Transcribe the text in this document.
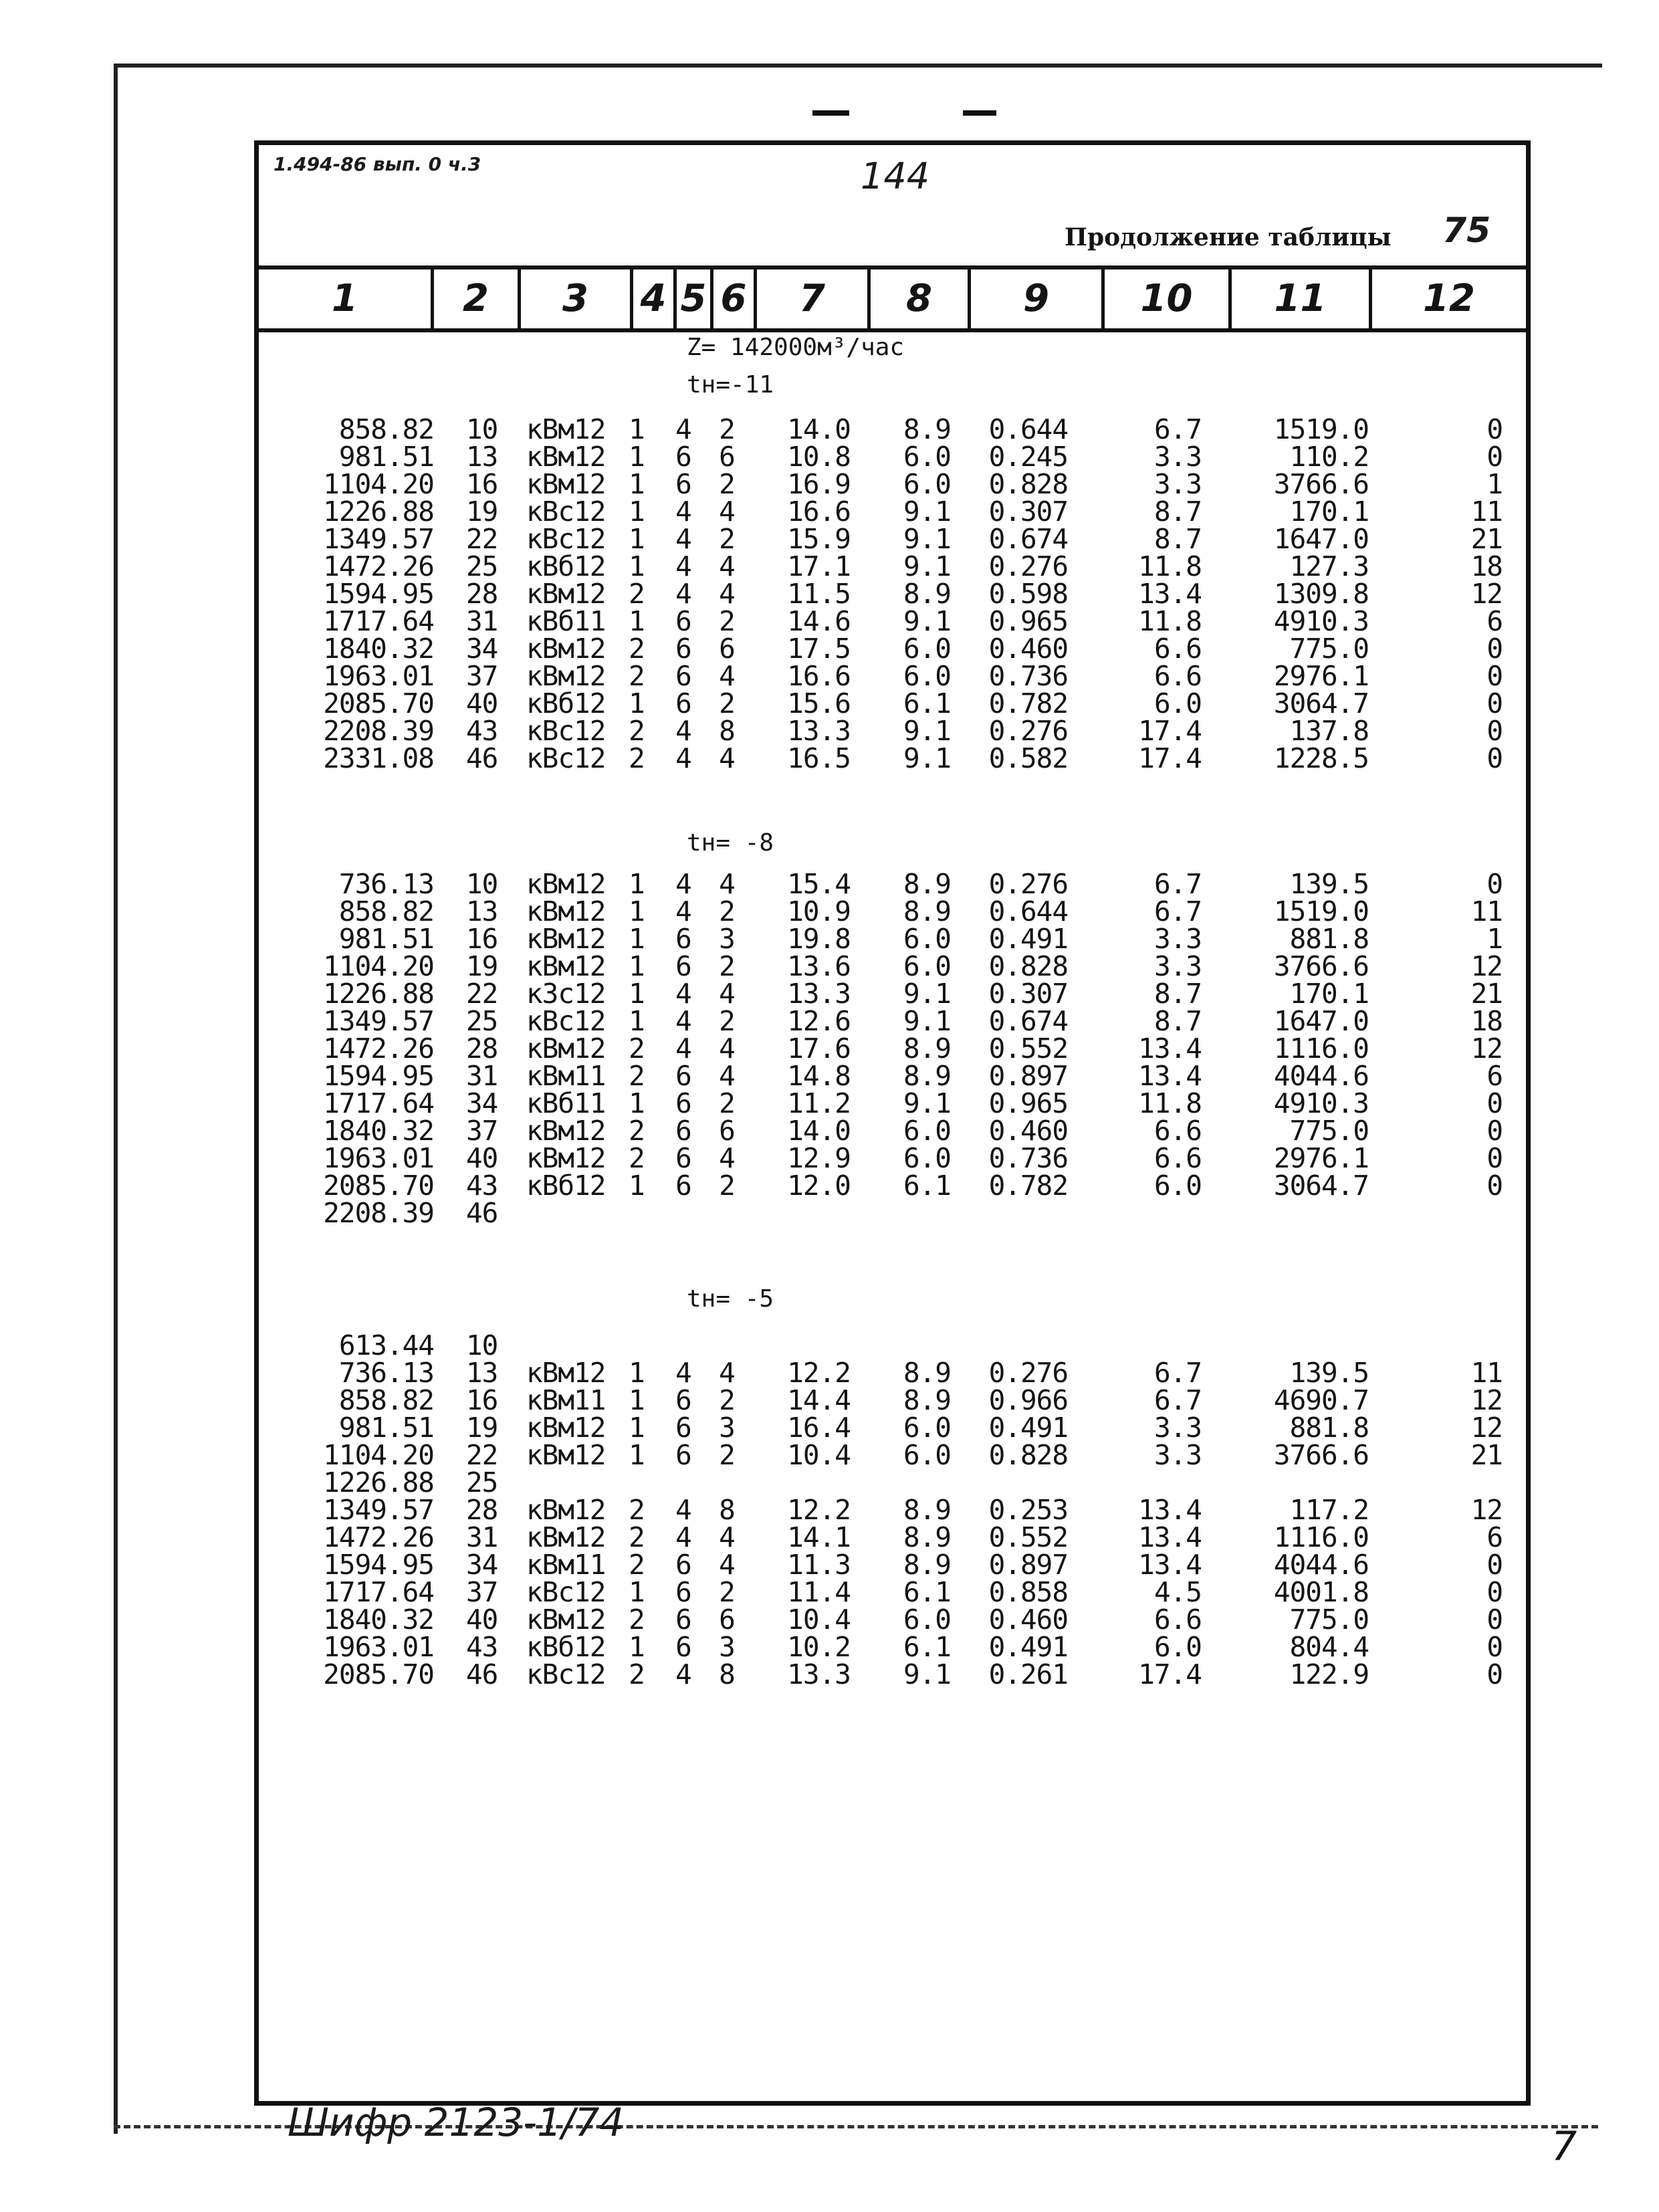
7
1.494-86 вып. 0 ч.3	144
Продолжение таблицы 75
1	2	3	4 5 6	7	8	9	10	11	12
Z= 142000м³/час
tн=-11
858.82 10	кВм12 1 4 2	14.0	8.9	0.644	6.7	1519.0	0
981.51 13	кВм12 1 6 6	10.8	6.0	0.245	3.3	110.2	0
1104.20 16	кВм12 1 6 2	16.9	6.0	0.828	3.3	3766.6	1
1226.88 19	кВс12 1 4 4	16.6	9.1	0.307	8.7	170.1	11
1349.57 22	кВс12 1 4 2	15.9	9.1	0.674	8.7	1647.0	21
1472.26 25	кВб12 1 4 4	17.1	9.1	0.276	11.8	127.3	18
1594.95 28	кВм12 2 4 4	11.5	8.9	0.598	13.4	1309.8	12
1717.64 31	кВб11 1 6 2	14.6	9.1	0.965	11.8	4910.3	6
1840.32 34	кВм12 2 6 6	17.5	6.0	0.460	6.6	775.0	0
1963.01 37	кВм12 2 6 4	16.6	6.0	0.736	6.6	2976.1	0
2085.70 40	кВб12 1 6 2	15.6	6.1	0.782	6.0	3064.7	0
2208.39 43	кВс12 2 4 8	13.3	9.1	0.276	17.4	137.8	0
2331.08 46	кВс12 2 4 4	16.5	9.1	0.582	17.4	1228.5	0
tн= -8
736.13 10	кВм12 1 4 4	15.4	8.9	0.276	6.7	139.5	0
858.82 13	кВм12 1 4 2	10.9	8.9	0.644	6.7	1519.0	11
981.51 16	кВм12 1 6 3	19.8	6.0	0.491	3.3	881.8	1
1104.20 19	кВм12 1 6 2	13.6	6.0	0.828	3.3	3766.6	12
1226.88 22	кЗс12 1 4 4	13.3	9.1	0.307	8.7	170.1	21
1349.57 25	кВс12 1 4 2	12.6	9.1	0.674	8.7	1647.0	18
1472.26 28	кВм12 2 4 4	17.6	8.9	0.552	13.4	1116.0	12
1594.95 31	кВм11 2 6 4	14.8	8.9	0.897	13.4	4044.6	6
1717.64 34	кВб11 1 6 2	11.2	9.1	0.965	11.8	4910.3	0
1840.32 37	кВм12 2 6 6	14.0	6.0	0.460	6.6	775.0	0
1963.01 40	кВм12 2 6 4	12.9	6.0	0.736	6.6	2976.1	0
2085.70 43	кВб12 1 6 2	12.0	6.1	0.782	6.0	3064.7	0
2208.39 46
tн= -5
613.44 10
736.13 13	кВм12 1 4 4	12.2	8.9	0.276	6.7	139.5	11
858.82 16	кВм11 1 6 2	14.4	8.9	0.966	6.7	4690.7	12
981.51 19	кВм12 1 6 3	16.4	6.0	0.491	3.3	881.8	12
1104.20 22	кВм12 1 6 2	10.4	6.0	0.828	3.3	3766.6	21
1226.88 25
1349.57 28	кВм12 2 4 8	12.2	8.9	0.253	13.4	117.2	12
1472.26 31	кВм12 2 4 4	14.1	8.9	0.552	13.4	1116.0	6
1594.95 34	кВм11 2 6 4	11.3	8.9	0.897	13.4	4044.6	0
1717.64 37	кВс12 1 6 2	11.4	6.1	0.858	4.5	4001.8	0
1840.32 40	кВм12 2 6 6	10.4	6.0	0.460	6.6	775.0	0
1963.01 43	кВб12 1 6 3	10.2	6.1	0.491	6.0	804.4	0
2085.70 46	кВс12 2 4 8	13.3	9.1	0.261	17.4	122.9	0
Шифр 2123-1/74
